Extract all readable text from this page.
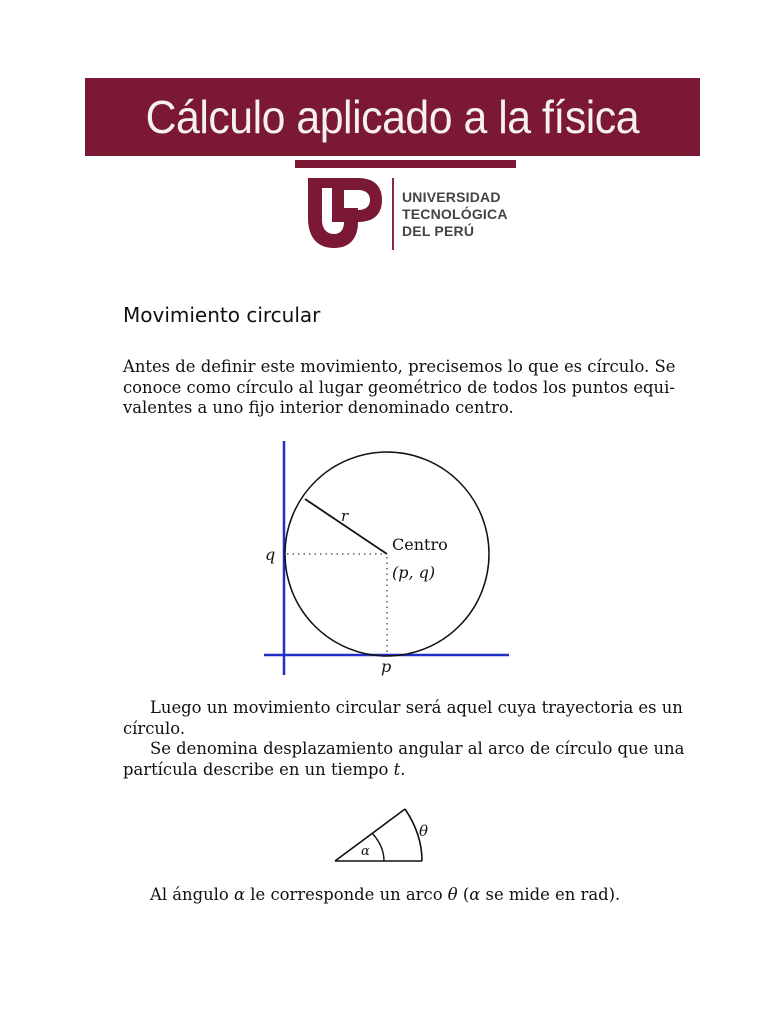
Cálculo aplicado a la física
UNIVERSIDAD
TECNOLÓGICA
DEL PERÚ
Movimiento circular
Antes de definir este movimiento, precisemos lo que es círculo. Se
conoce como círculo al lugar geométrico de todos los puntos equi-
valentes a uno fijo interior denominado centro.
r
Centro
(p, q)
q
p
Luego un movimiento circular será aquel cuya trayectoria es un
círculo.
Se denomina desplazamiento angular al arco de círculo que una
partícula describe en un tiempo t.
α
θ
Al ángulo α le corresponde un arco θ (α se mide en rad).
